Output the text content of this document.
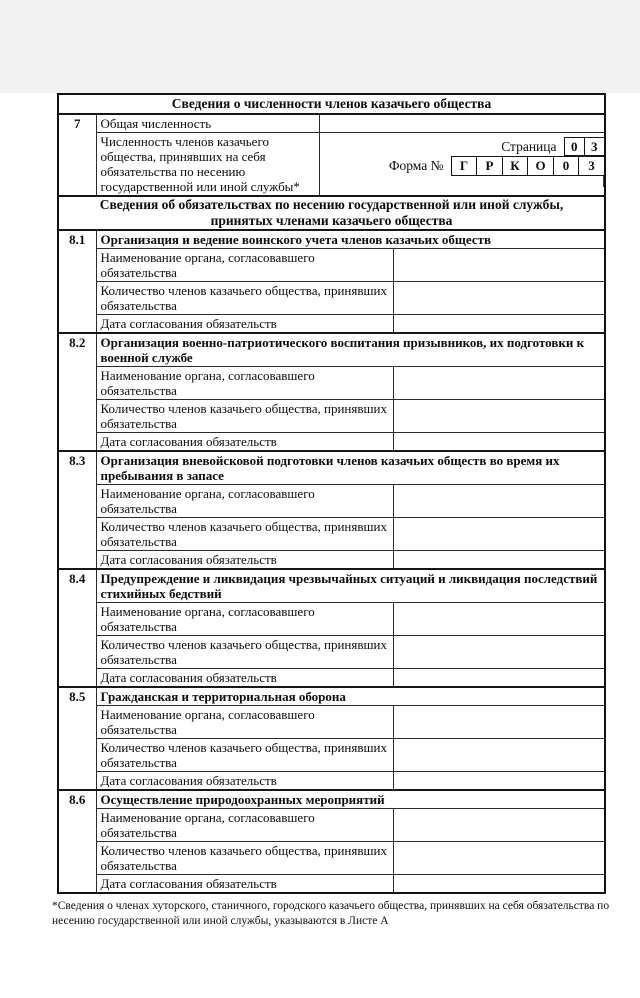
Страница	0	3
Форма №	Г	Р	К	О	0	3
Сведения о численности членов казачьего общества			
7	Общая численность		
	Численность членов казачьего общества, принявших на себя обязательства по несению государственной или иной службы*		
Сведения об обязательствах по несению государственной или иной службы, принятых членами казачьего общества			
8.1	Организация и ведение воинского учета членов казачьих обществ		
	Наименование органа, согласовавшего обязательства		
	Количество членов казачьего общества, принявших обязательства		
	Дата согласования обязательств		
8.2	Организация военно-патриотического воспитания призывников, их подготовки к военной службе		
	Наименование органа, согласовавшего обязательства		
	Количество членов казачьего общества, принявших обязательства		
	Дата согласования обязательств		
8.3	Организация вневойсковой подготовки членов казачьих обществ во время их пребывания в запасе		
	Наименование органа, согласовавшего обязательства		
	Количество членов казачьего общества, принявших обязательства		
	Дата согласования обязательств		
8.4	Предупреждение и ликвидация чрезвычайных ситуаций и ликвидация последствий стихийных бедствий		
	Наименование органа, согласовавшего обязательства		
	Количество членов казачьего общества, принявших обязательства		
	Дата согласования обязательств		
8.5	Гражданская и территориальная оборона		
	Наименование органа, согласовавшего обязательства		
	Количество членов казачьего общества, принявших обязательства		
	Дата согласования обязательств		
8.6	Осуществление природоохранных мероприятий		
	Наименование органа, согласовавшего обязательства		
	Количество членов казачьего общества, принявших обязательства		
	Дата согласования обязательств		
*Сведения о членах хуторского, станичного, городского казачьего общества, принявших на себя обязательства по несению государственной или иной службы, указываются в Листе А
